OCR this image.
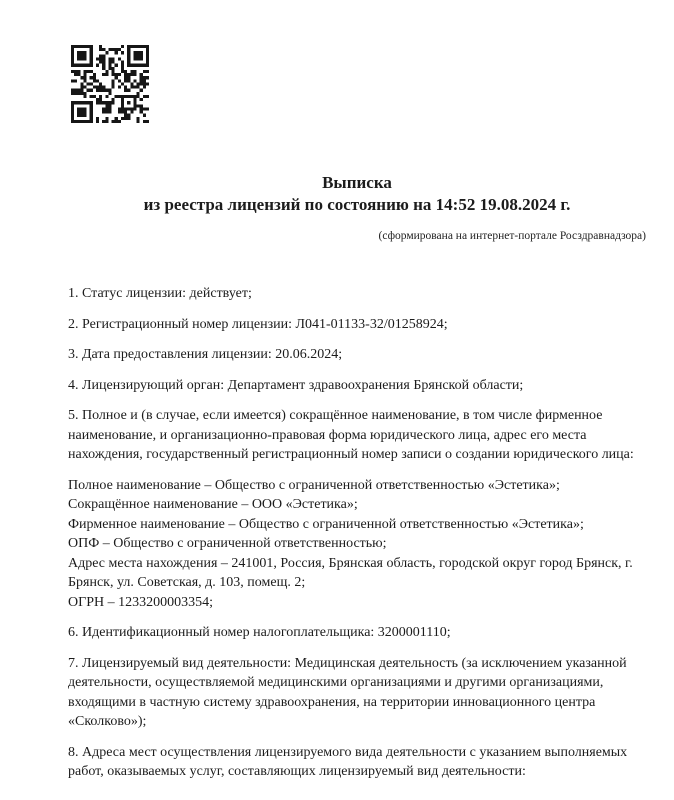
Выписка
из реестра лицензий по состоянию на 14:52 19.08.2024 г.
(сформирована на интернет-портале Росздравнадзора)

1. Статус лицензии: действует;

2. Регистрационный номер лицензии: Л041-01133-32/01258924;

3. Дата предоставления лицензии: 20.06.2024;

4. Лицензирующий орган: Департамент здравоохранения Брянской области;

5. Полное и (в случае, если имеется) сокращённое наименование, в том числе фирменное наименование, и организационно-правовая форма юридического лица, адрес его места нахождения, государственный регистрационный номер записи о создании юридического лица:

Полное наименование – Общество с ограниченной ответственностью «Эстетика»;
Сокращённое наименование – ООО «Эстетика»;
Фирменное наименование – Общество с ограниченной ответственностью «Эстетика»;
ОПФ – Общество с ограниченной ответственностью;
Адрес места нахождения – 241001, Россия, Брянская область, городской округ город Брянск, г. Брянск, ул. Советская, д. 103, помещ. 2;
ОГРН – 1233200003354;

6. Идентификационный номер налогоплательщика: 3200001110;

7. Лицензируемый вид деятельности: Медицинская деятельность (за исключением указанной деятельности, осуществляемой медицинскими организациями и другими организациями, входящими в частную систему здравоохранения, на территории инновационного центра «Сколково»);

8. Адреса мест осуществления лицензируемого вида деятельности с указанием выполняемых работ, оказываемых услуг, составляющих лицензируемый вид деятельности:
